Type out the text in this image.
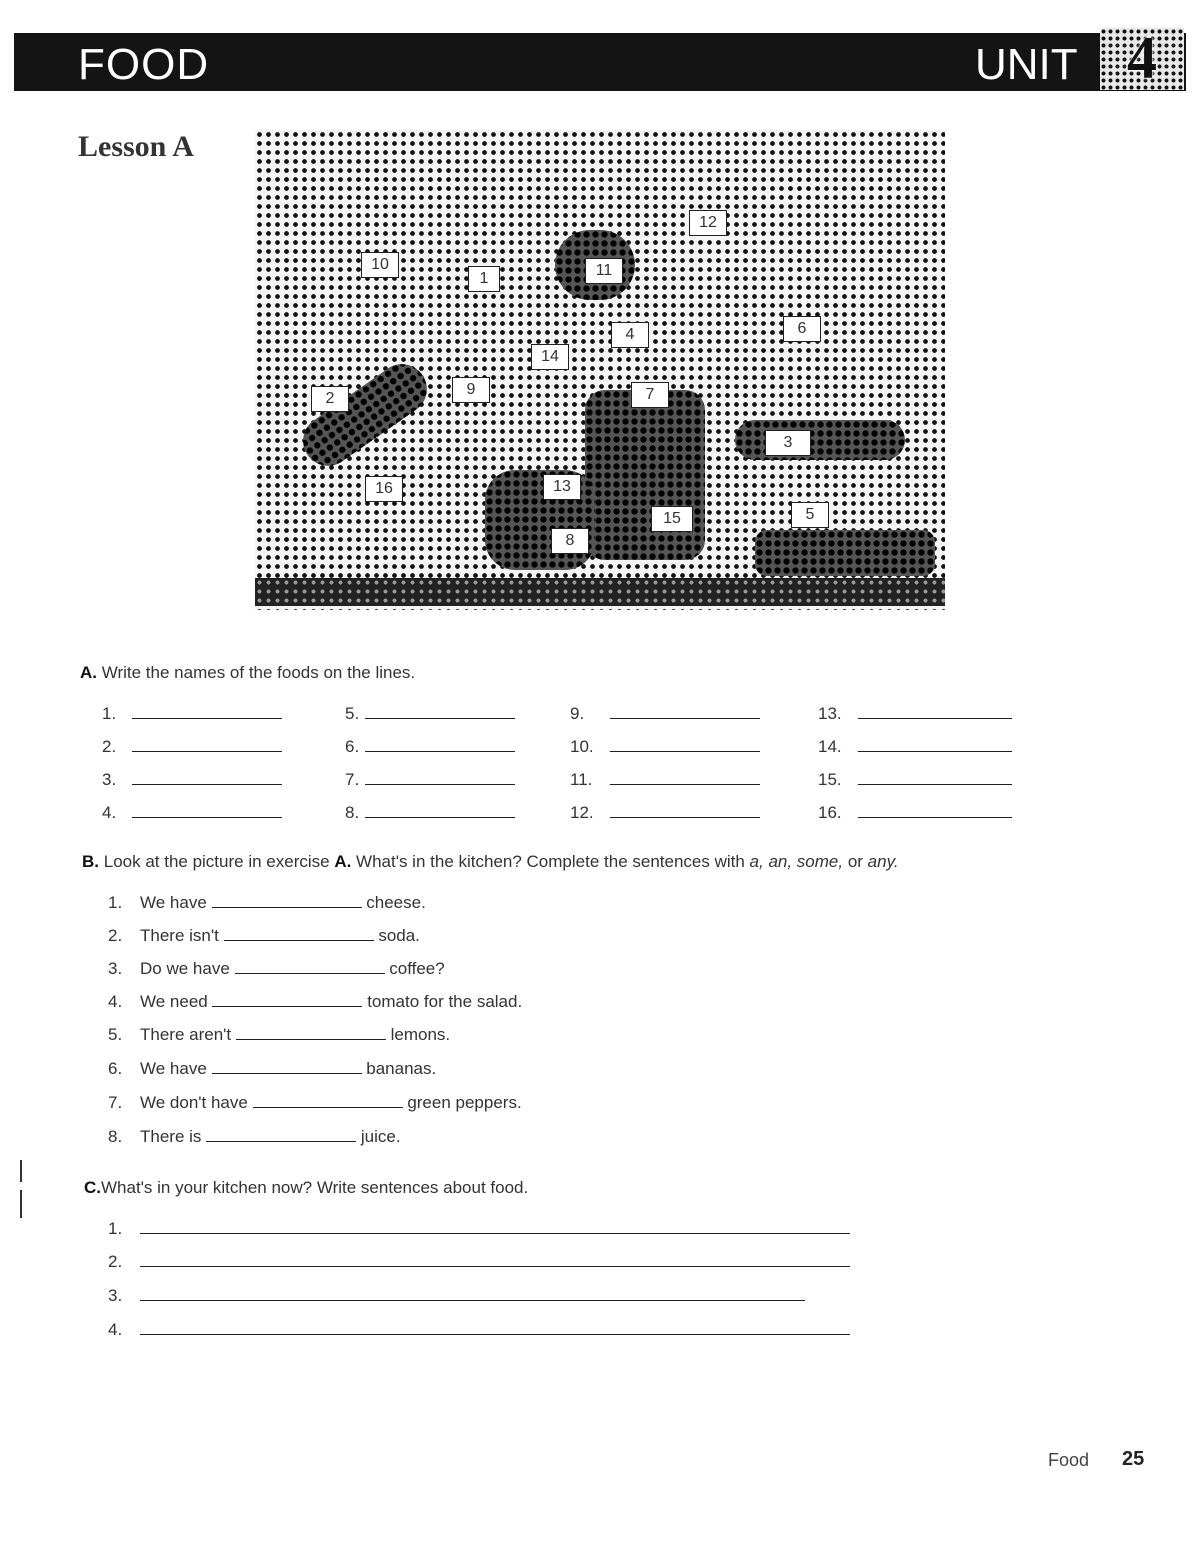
FOOD	UNIT 4
Lesson A
12
10	11
1
6
4
14
9	7
2
3
16	13
15	5
8
A. Write the names of the foods on the lines.
1.
2.
3.
4.
5.
6.
7.
8.
9.
10.
11.
12.
13.
14.
15.
16.
B. Look at the picture in exercise A. What's in the kitchen? Complete the sentences with a, an, some, or any.
1. We have	cheese.
2. There isn't	soda.
3. Do we have	coffee?
4. We need	tomato for the salad.
5. There aren't	lemons.
6. We have	bananas.
7. We don't have	green peppers.
8. There is	juice.
C.What's in your kitchen now? Write sentences about food.
1.
2.
3.
4.
Food 25
